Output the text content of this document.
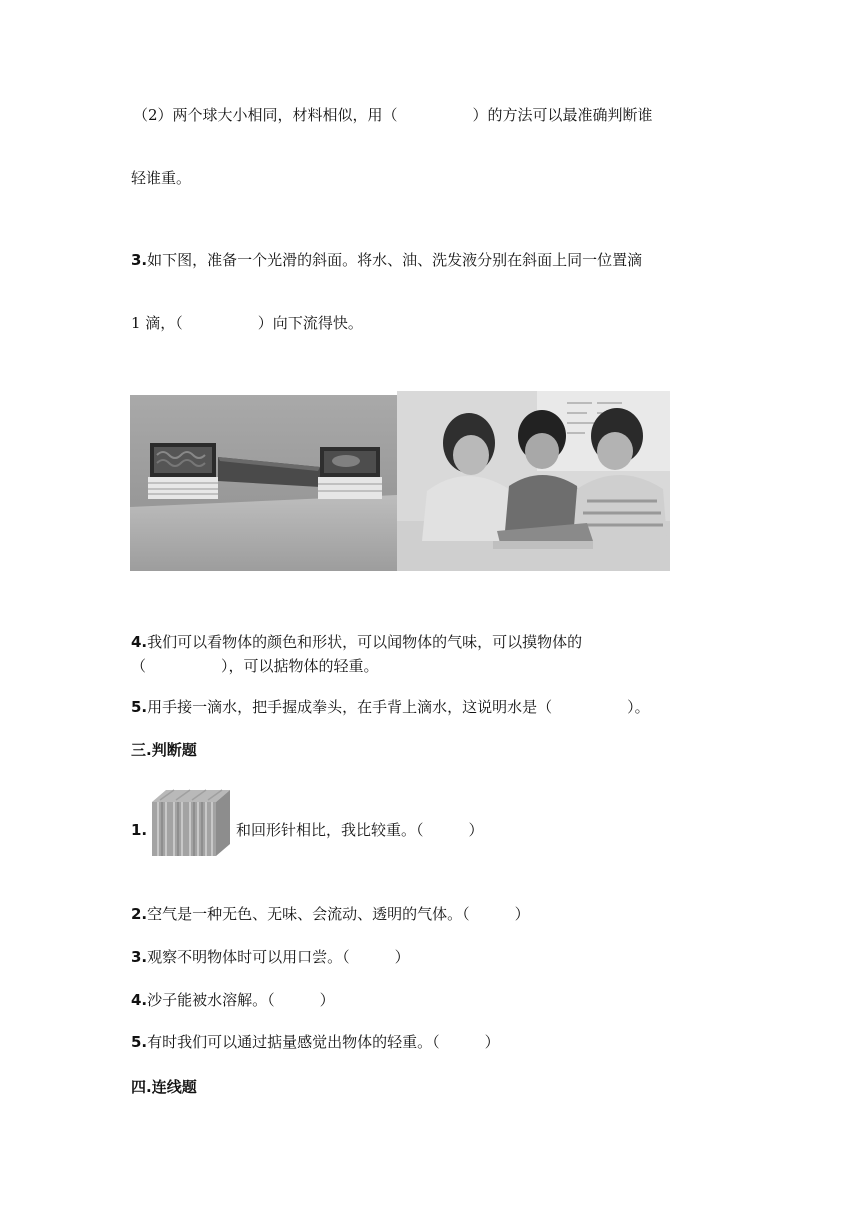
（2）两个球大小相同，材料相似，用（　　　　　）的方法可以最准确判断谁
轻谁重。
3.如下图，准备一个光滑的斜面。将水、油、洗发液分别在斜面上同一位置滴
1 滴，（　　　　　）向下流得快。
4.我们可以看物体的颜色和形状，可以闻物体的气味，可以摸物体的
（　　　　　），可以掂物体的轻重。
5.用手接一滴水，把手握成拳头，在手背上滴水，这说明水是（　　　　　）。
三.判断题
1.	和回形针相比，我比较重。（　　　）
2.空气是一种无色、无味、会流动、透明的气体。（　　　）
3.观察不明物体时可以用口尝。（　　　）
4.沙子能被水溶解。（　　　）
5.有时我们可以通过掂量感觉出物体的轻重。（　　　）
四.连线题
